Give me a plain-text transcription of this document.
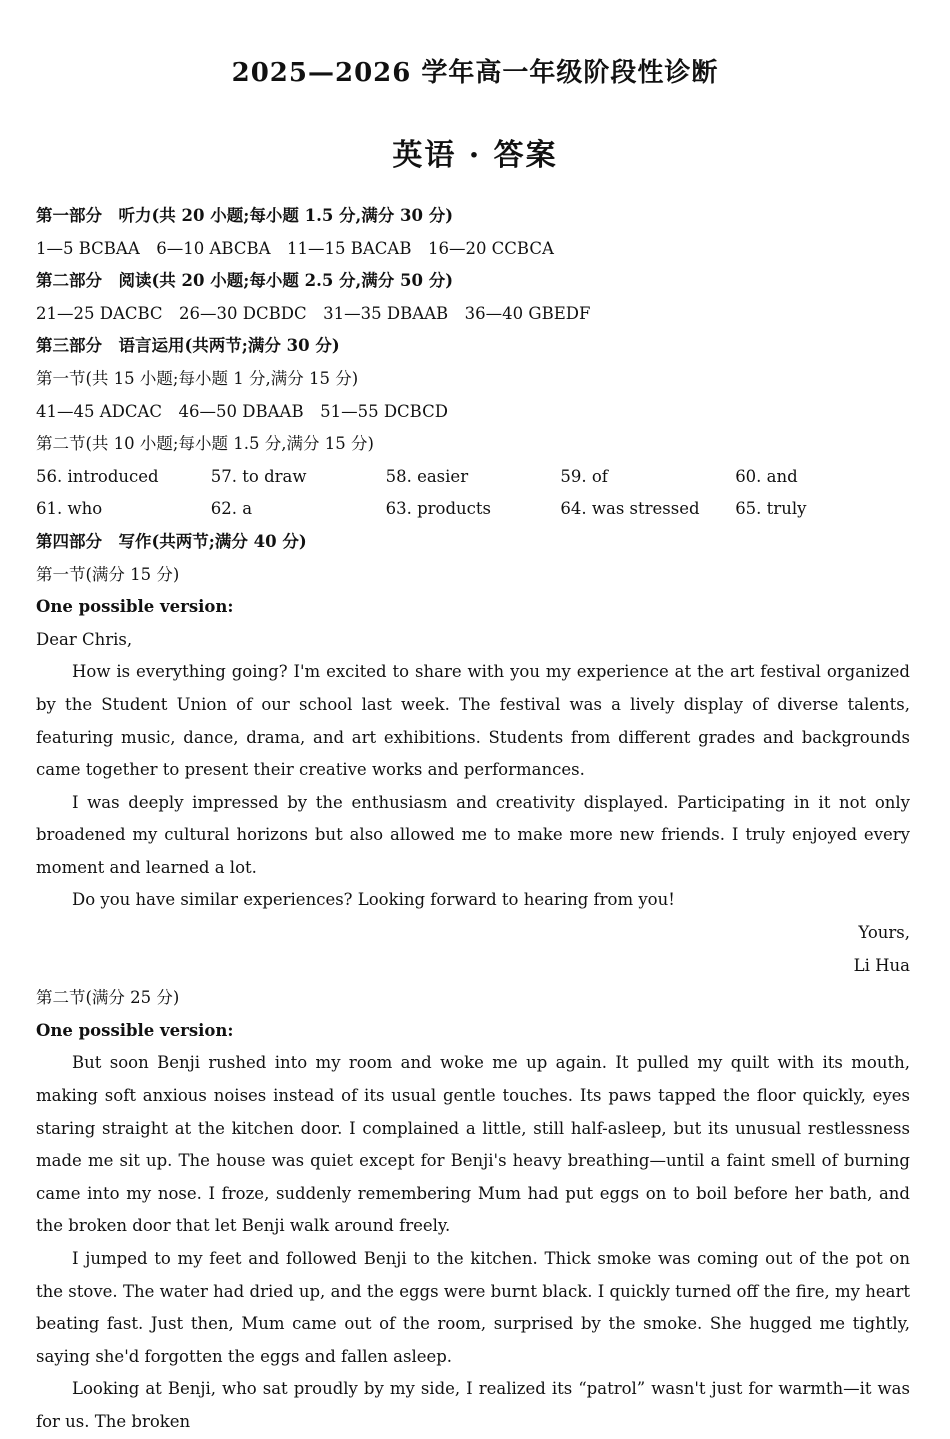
2025—2026 学年高一年级阶段性诊断
英语 · 答案
第一部分　听力(共 20 小题;每小题 1.5 分,满分 30 分)
1—5 BCBAA　6—10 ABCBA　11—15 BACAB　16—20 CCBCA
第二部分　阅读(共 20 小题;每小题 2.5 分,满分 50 分)
21—25 DACBC　26—30 DCBDC　31—35 DBAAB　36—40 GBEDF
第三部分　语言运用(共两节;满分 30 分)
第一节(共 15 小题;每小题 1 分,满分 15 分)
41—45 ADCAC　46—50 DBAAB　51—55 DCBCD
第二节(共 10 小题;每小题 1.5 分,满分 15 分)
56. introduced	57. to draw	58. easier	59. of	60. and
61. who	62. a	63. products	64. was stressed	65. truly
第四部分　写作(共两节;满分 40 分)
第一节(满分 15 分)
One possible version:
Dear Chris,

How is everything going? I'm excited to share with you my experience at the art festival organized by the Student Union of our school last week. The festival was a lively display of diverse talents, featuring music, dance, drama, and art exhibitions. Students from different grades and backgrounds came together to present their creative works and performances.

I was deeply impressed by the enthusiasm and creativity displayed. Participating in it not only broadened my cultural horizons but also allowed me to make more new friends. I truly enjoyed every moment and learned a lot.

Do you have similar experiences? Looking forward to hearing from you!

Yours,
Li Hua
第二节(满分 25 分)
One possible version:

But soon Benji rushed into my room and woke me up again. It pulled my quilt with its mouth, making soft anxious noises instead of its usual gentle touches. Its paws tapped the floor quickly, eyes staring straight at the kitchen door. I complained a little, still half-asleep, but its unusual restlessness made me sit up. The house was quiet except for Benji's heavy breathing—until a faint smell of burning came into my nose. I froze, suddenly remembering Mum had put eggs on to boil before her bath, and the broken door that let Benji walk around freely.

I jumped to my feet and followed Benji to the kitchen. Thick smoke was coming out of the pot on the stove. The water had dried up, and the eggs were burnt black. I quickly turned off the fire, my heart beating fast. Just then, Mum came out of the room, surprised by the smoke. She hugged me tightly, saying she'd forgotten the eggs and fallen asleep.

Looking at Benji, who sat proudly by my side, I realized its “patrol” wasn't just for warmth—it was for us. The broken
